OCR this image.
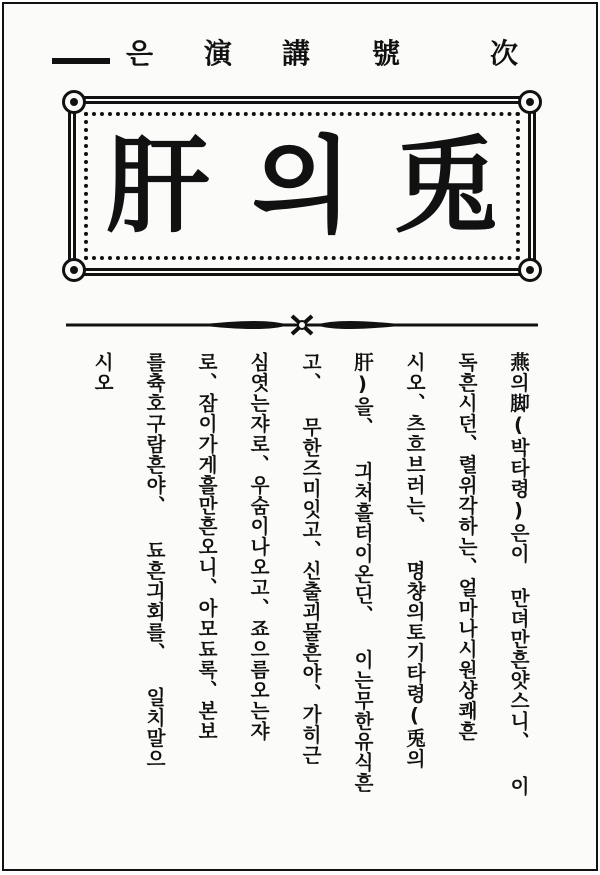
次
號
講
演
은
兎
의
肝
燕의脚(박타령)은이 만뎌만흔얏스니、 이
독흔시던、렬위각하는、얼마나시원샹쾌흔
시오、츠흐브러는、 명챵의토기타령(兎의
肝)을、 긔처흘터이온딘、 이는무한유식흔
고、 무한즈미잇고、신출괴물흔야、가히근
심엿는쟈로、우숨이나오고、죠으름오는쟈
로、잠이가게흘만흔오니、아모됴록、본보
를츅호구람흔야、 됴흔긔회를、 일치말으
시오
